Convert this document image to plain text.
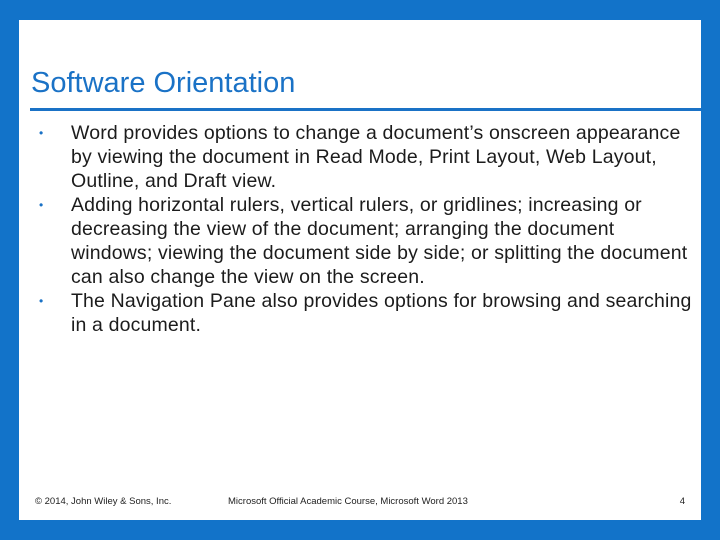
Software Orientation
• Word provides options to change a document’s onscreen appearance by viewing the document in Read Mode, Print Layout, Web Layout, Outline, and Draft view.
• Adding horizontal rulers, vertical rulers, or gridlines; increasing or decreasing the view of the document; arranging the document windows; viewing the document side by side; or splitting the document can also change the view on the screen.
• The Navigation Pane also provides options for browsing and searching in a document.
© 2014, John Wiley & Sons, Inc.	Microsoft Official Academic Course, Microsoft Word 2013	4
